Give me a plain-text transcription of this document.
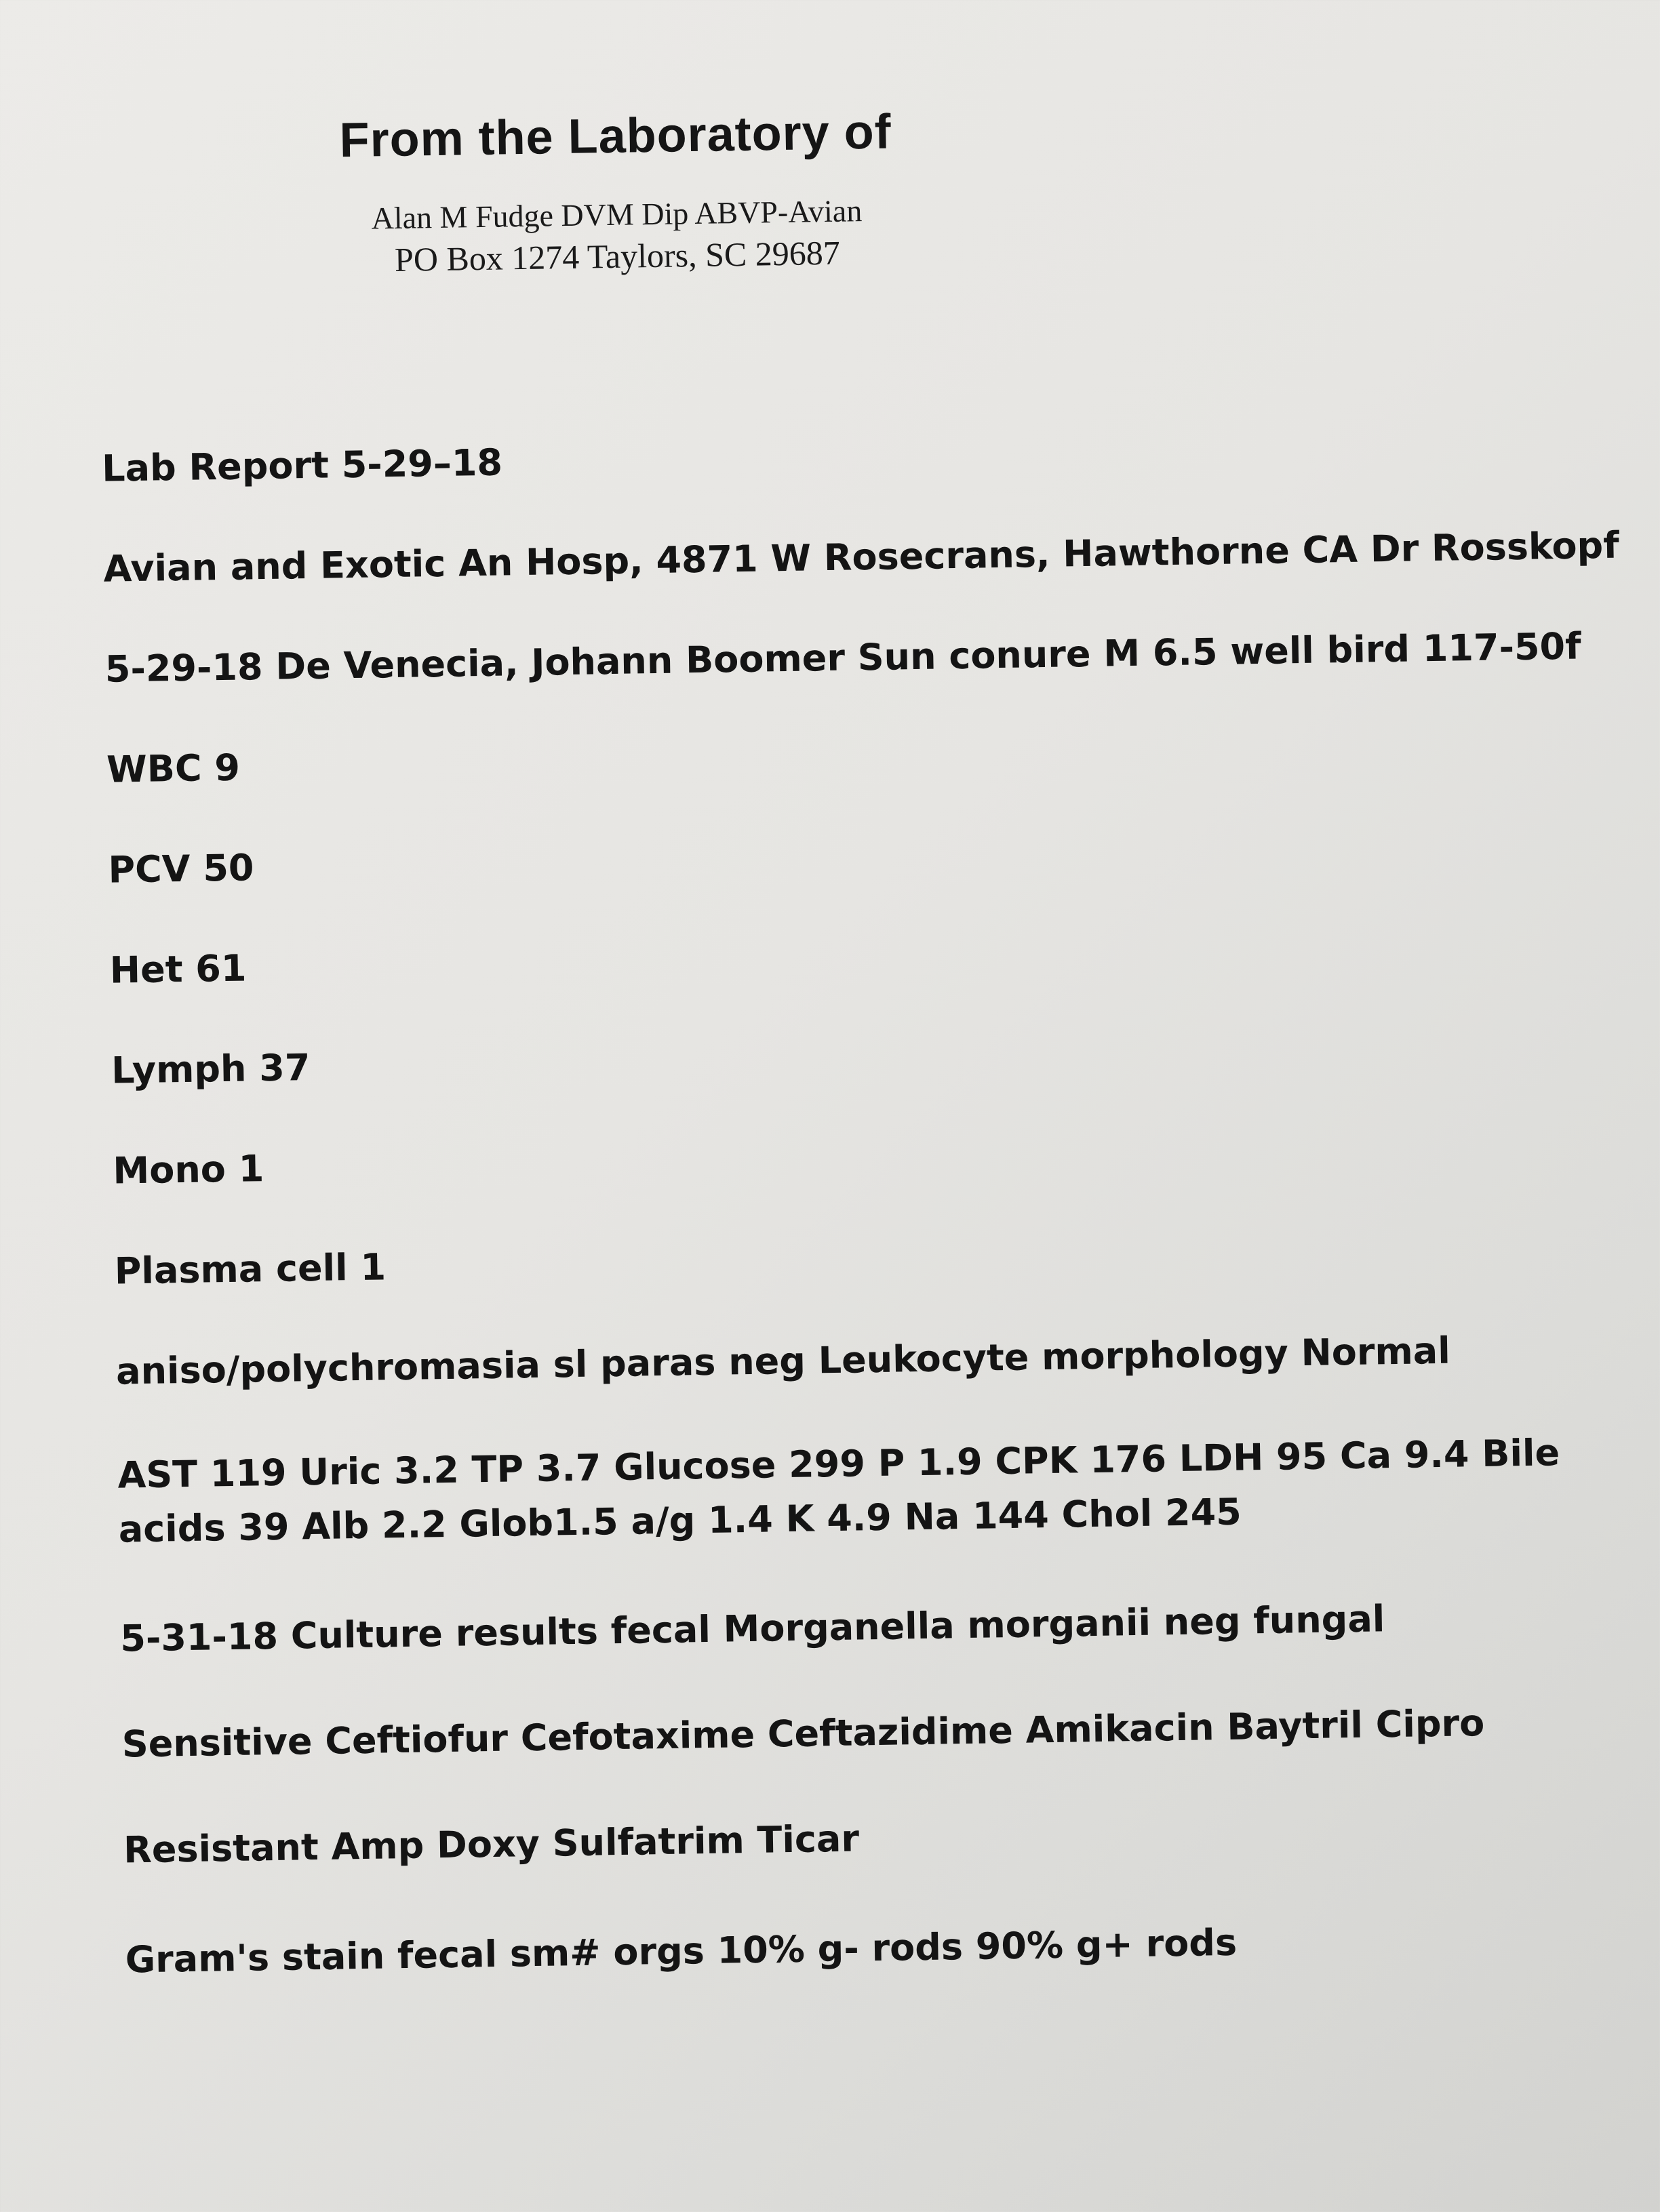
From the Laboratory of
Alan M Fudge DVM Dip ABVP-Avian
PO Box 1274 Taylors, SC 29687
Lab Report 5-29–18
Avian and Exotic An Hosp, 4871 W Rosecrans, Hawthorne CA Dr Rosskopf
5-29-18 De Venecia, Johann Boomer Sun conure M 6.5 well bird 117-50f
WBC 9
PCV 50
Het 61
Lymph 37
Mono 1
Plasma cell 1
aniso/polychromasia sl paras neg Leukocyte morphology Normal
AST 119 Uric 3.2 TP 3.7 Glucose 299 P 1.9 CPK 176 LDH 95 Ca 9.4 Bile acids 39 Alb 2.2 Glob1.5 a/g 1.4 K 4.9 Na 144 Chol 245
5-31-18 Culture results fecal Morganella morganii neg fungal
Sensitive Ceftiofur Cefotaxime Ceftazidime Amikacin Baytril Cipro
Resistant Amp Doxy Sulfatrim Ticar
Gram's stain fecal sm# orgs 10% g- rods 90% g+ rods
